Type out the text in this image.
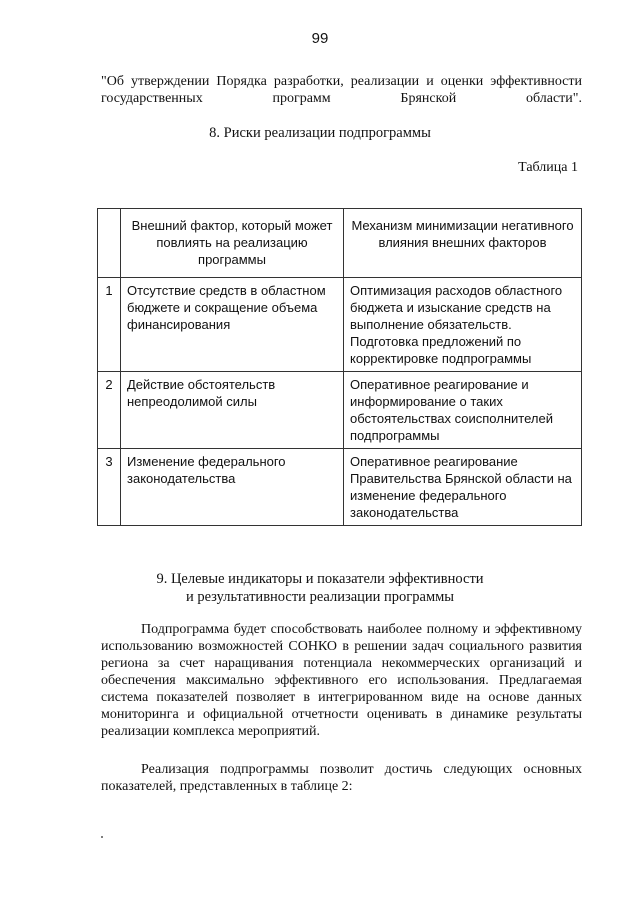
99

"Об утверждении Порядка разработки, реализации и оценки эффективности государственных программ Брянской области".

8. Риски реализации подпрограммы

Таблица 1
	Внешний фактор, который может повлиять на реализацию программы	Механизм минимизации негативного влияния внешних факторов
1	Отсутствие средств в областном бюджете и сокращение объема финансирования	Оптимизация расходов областного бюджета и изыскание средств на выполнение обязательств. Подготовка предложений по корректировке подпрограммы
2	Действие обстоятельств непреодолимой силы	Оперативное реагирование и информирование о таких обстоятельствах соисполнителей подпрограммы
3	Изменение федерального законодательства	Оперативное реагирование Правительства Брянской области на изменение федерального законодательства

9. Целевые индикаторы и показатели эффективности

и результативности реализации программы

Подпрограмма будет способствовать наиболее полному и эффективному использованию возможностей СОНКО в решении задач социального развития региона за счет наращивания потенциала некоммерческих организаций и обеспечения максимально эффективного его использования. Предлагаемая система показателей позволяет в интегрированном виде на основе данных мониторинга и официальной отчетности оценивать в динамике результаты реализации комплекса мероприятий.

Реализация подпрограммы позволит достичь следующих основных показателей, представленных в таблице 2:
